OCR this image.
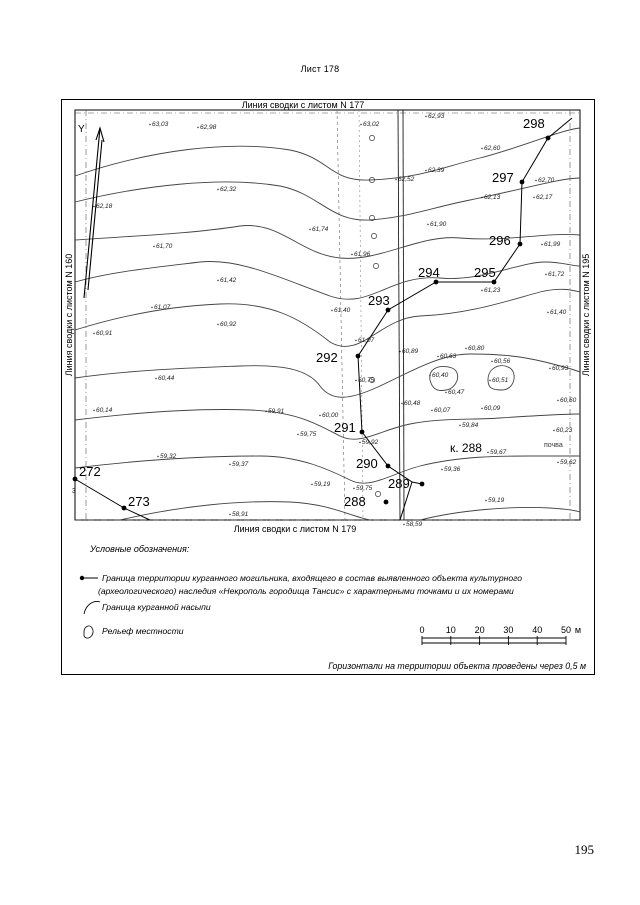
Лист 178
Y	298
297
296
295
294
293
292
291
290
289
288
272
273
к. 288	почва
3
63,03	62,98	63,02
62,93
62,60
62,52
62,39
62,70
62,13	62,17
62,18
62,32
61,74
61,90
61,70
61,96
61,99
61,42
61,23
61,72
61,07	61,40	61,40
60,92
60,91
61,07
60,89
60,63
60,80
60,56
60,75
60,40
60,51
60,93
60,44
60,47
60,48
60,07	60,09
60,60
60,14	59,91
60,00
59,75
59,84
60,23
59,92
59,67
59,32
59,37
59,36
59,62
59,19
59,75
59,19
58,91
58,59
Линия сводки с листом N 177
Линия сводки с листом N 179
Линия сводки с листом N 160	Линия сводки с листом N 195
Условные обозначения:
Граница территории курганного могильника, входящего в состав выявленного объекта культурного
(археологического) наследия «Некрополь городища Тансис» с характерными точками и их номерами
Граница курганной насыпи
Рельеф местности	0 10 20 30 40 50 м
Горизонтали на территории объекта проведены через 0,5 м
195
